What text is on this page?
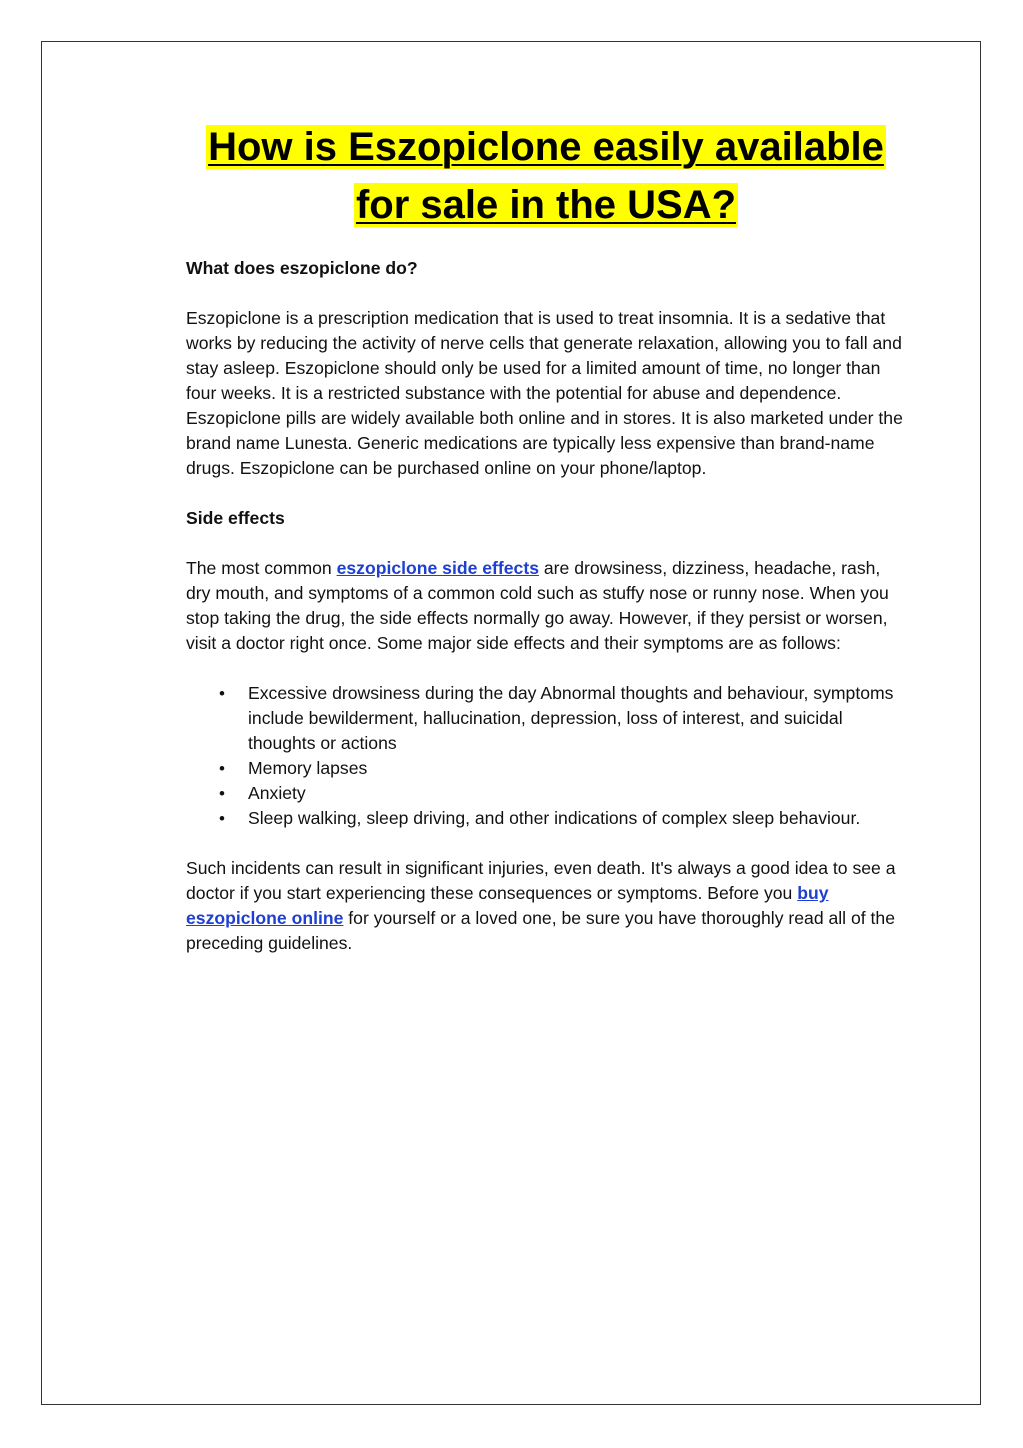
How is Eszopiclone easily available
for sale in the USA?
What does eszopiclone do?

Eszopiclone is a prescription medication that is used to treat insomnia. It is a sedative that works by reducing the activity of nerve cells that generate relaxation, allowing you to fall and stay asleep. Eszopiclone should only be used for a limited amount of time, no longer than four weeks. It is a restricted substance with the potential for abuse and dependence. Eszopiclone pills are widely available both online and in stores. It is also marketed under the brand name Lunesta. Generic medications are typically less expensive than brand-name drugs. Eszopiclone can be purchased online on your phone/laptop.

Side effects

The most common eszopiclone side effects are drowsiness, dizziness, headache, rash, dry mouth, and symptoms of a common cold such as stuffy nose or runny nose. When you stop taking the drug, the side effects normally go away. However, if they persist or worsen, visit a doctor right once. Some major side effects and their symptoms are as follows:

• Excessive drowsiness during the day Abnormal thoughts and behaviour, symptoms include bewilderment, hallucination, depression, loss of interest, and suicidal thoughts or actions
• Memory lapses
• Anxiety
• Sleep walking, sleep driving, and other indications of complex sleep behaviour.

Such incidents can result in significant injuries, even death. It's always a good idea to see a doctor if you start experiencing these consequences or symptoms. Before you buy eszopiclone online for yourself or a loved one, be sure you have thoroughly read all of the preceding guidelines.
